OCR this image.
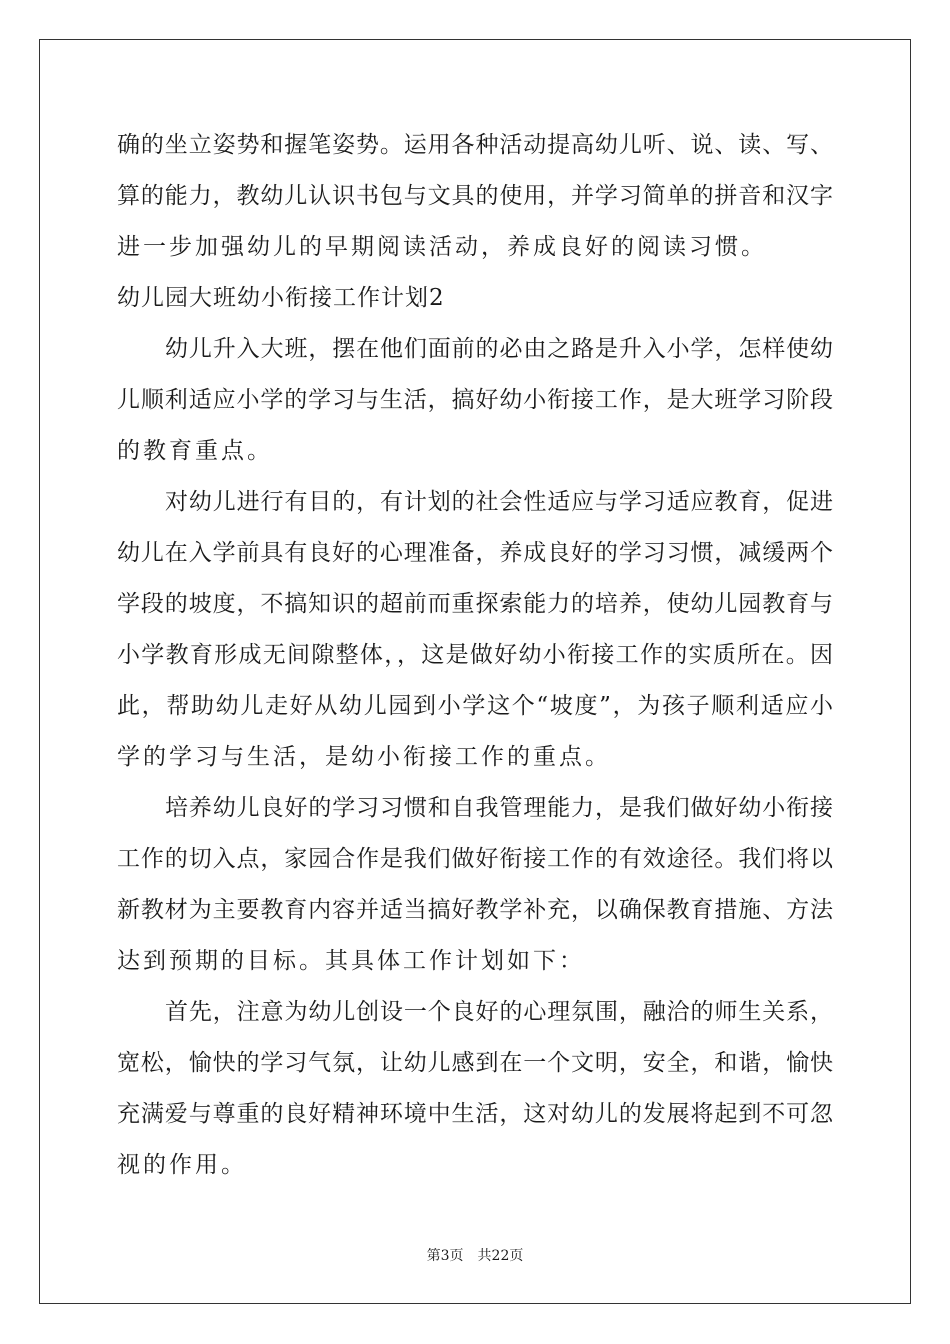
确的坐立姿势和握笔姿势。运用各种活动提高幼儿听、说、读、写、
算的能力，教幼儿认识书包与文具的使用，并学习简单的拼音和汉字
进一步加强幼儿的早期阅读活动，养成良好的阅读习惯。
幼儿园大班幼小衔接工作计划2
幼儿升入大班，摆在他们面前的必由之路是升入小学，怎样使幼
儿顺利适应小学的学习与生活，搞好幼小衔接工作，是大班学习阶段
的教育重点。
对幼儿进行有目的，有计划的社会性适应与学习适应教育，促进
幼儿在入学前具有良好的心理准备，养成良好的学习习惯，减缓两个
学段的坡度，不搞知识的超前而重探索能力的培养，使幼儿园教育与
小学教育形成无间隙整体，，这是做好幼小衔接工作的实质所在。因
此，帮助幼儿走好从幼儿园到小学这个“坡度”，为孩子顺利适应小
学的学习与生活，是幼小衔接工作的重点。
培养幼儿良好的学习习惯和自我管理能力，是我们做好幼小衔接
工作的切入点，家园合作是我们做好衔接工作的有效途径。我们将以
新教材为主要教育内容并适当搞好教学补充，以确保教育措施、方法
达到预期的目标。其具体工作计划如下：
首先，注意为幼儿创设一个良好的心理氛围，融洽的师生关系，
宽松，愉快的学习气氛，让幼儿感到在一个文明，安全，和谐，愉快
充满爱与尊重的良好精神环境中生活，这对幼儿的发展将起到不可忽
视的作用。
第3页 共22页
